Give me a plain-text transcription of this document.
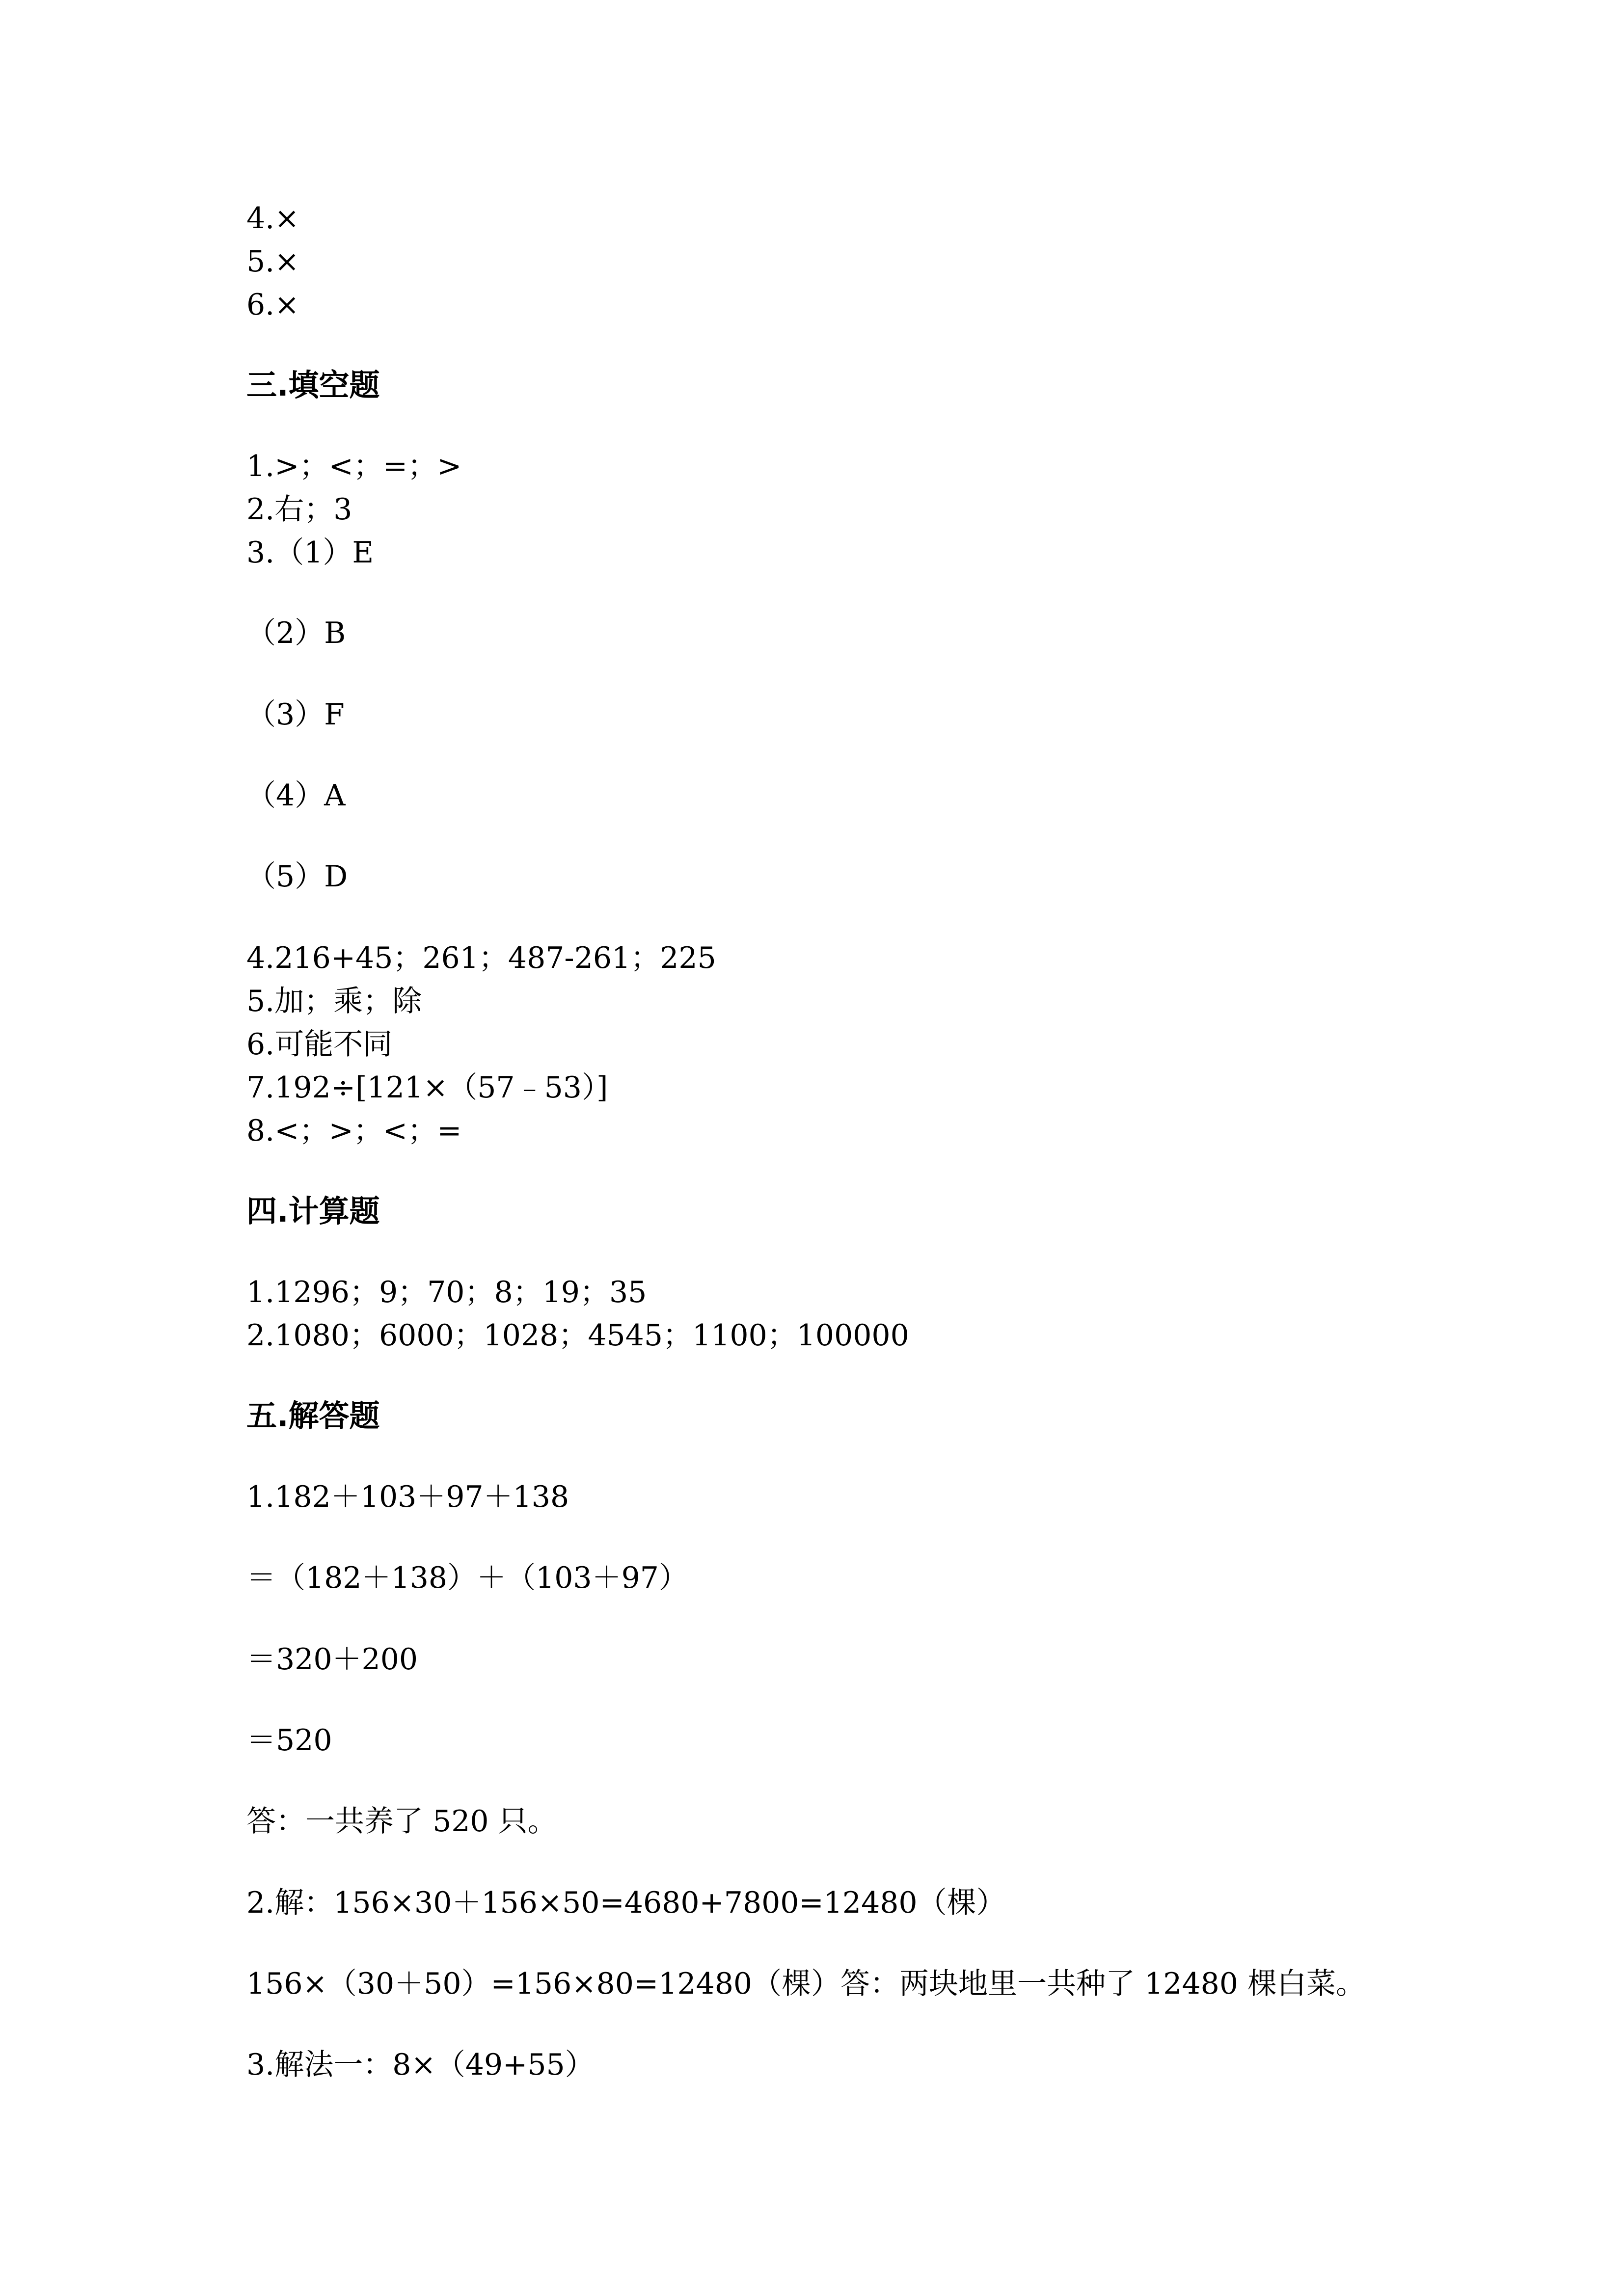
4.×
5.×
6.×
三.填空题
1.>；<；=；>
2.右；3
3.（1）E
（2）B
（3）F
（4）A
（5）D
4.216+45；261；487-261；225
5.加；乘；除
6.可能不同
7.192÷[121×（57﹣53）]
8.<；>；<；=
四.计算题
1.1296；9；70；8；19；35
2.1080；6000；1028；4545；1100；100000
五.解答题
1.182＋103＋97＋138
＝（182＋138）＋（103＋97）
＝320＋200
＝520
答：一共养了 520 只。
2.解：156×30＋156×50=4680+7800=12480（棵）
156×（30＋50）=156×80=12480（棵）答：两块地里一共种了 12480 棵白菜。
3.解法一：8×（49+55）
